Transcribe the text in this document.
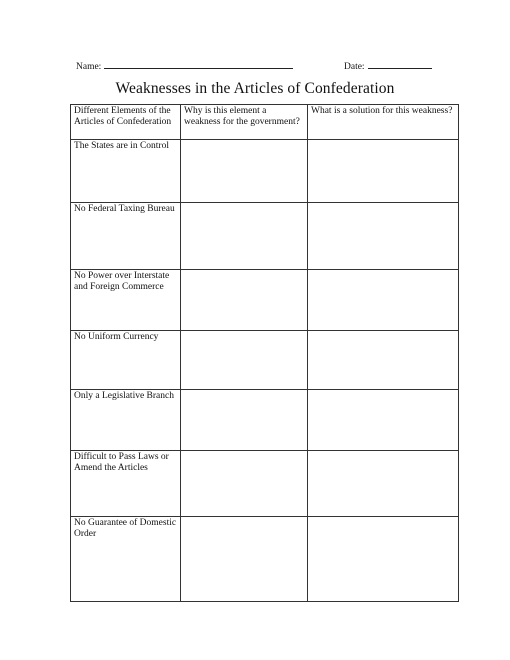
Name:	Date:
Weaknesses in the Articles of Confederation
Different Elements of the Articles of Confederation	Why is this element a weakness for the government?	What is a solution for this weakness?
The States are in Control		
No Federal Taxing Bureau		
No Power over Interstate and Foreign Commerce		
No Uniform Currency		
Only a Legislative Branch		
Difficult to Pass Laws or Amend the Articles		
No Guarantee of Domestic Order		
